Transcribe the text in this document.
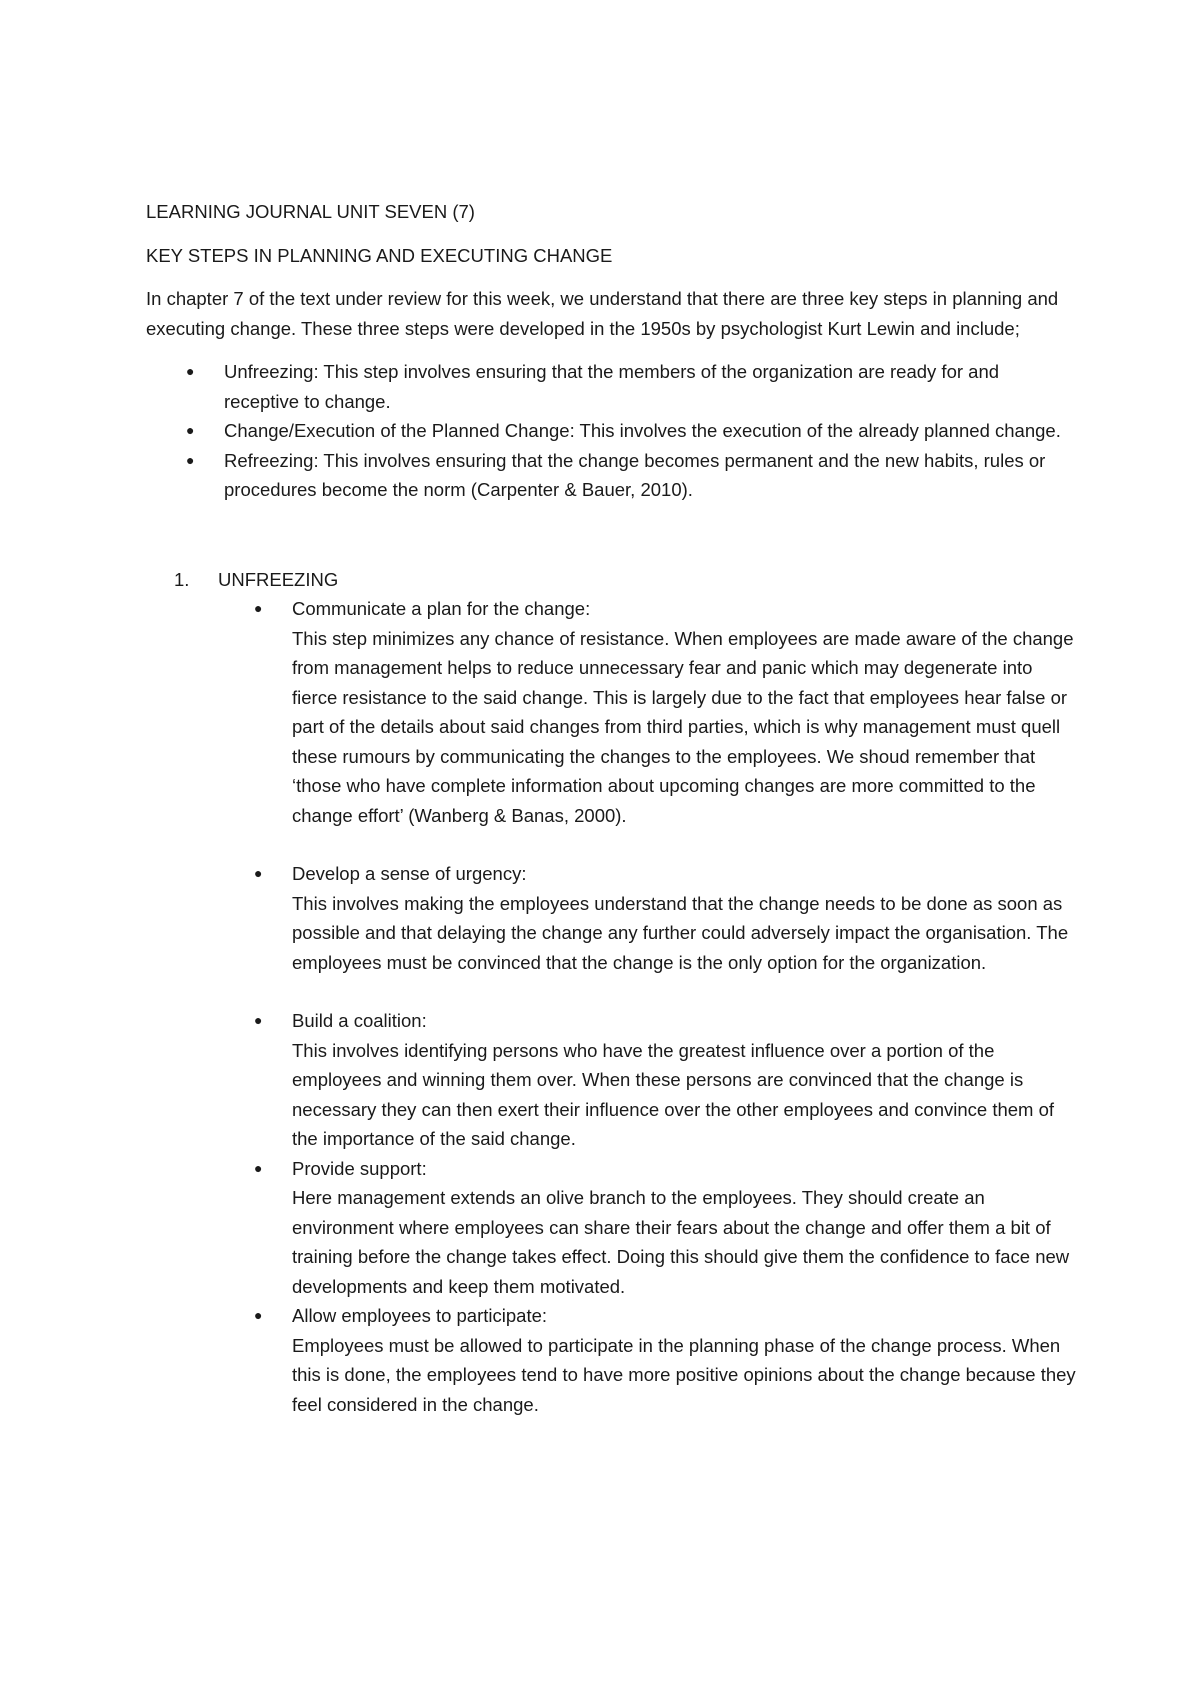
LEARNING JOURNAL UNIT SEVEN (7)

KEY STEPS IN PLANNING AND EXECUTING CHANGE

In chapter 7 of the text under review for this week, we understand that there are three key steps in planning and executing change. These three steps were developed in the 1950s by psychologist Kurt Lewin and include;

● Unfreezing: This step involves ensuring that the members of the organization are ready for and receptive to change.
● Change/Execution of the Planned Change: This involves the execution of the already planned change.
● Refreezing: This involves ensuring that the change becomes permanent and the new habits, rules or procedures become the norm (Carpenter & Bauer, 2010).
1. UNFREEZING
● Communicate a plan for the change:
This step minimizes any chance of resistance. When employees are made aware of the change from management helps to reduce unnecessary fear and panic which may degenerate into fierce resistance to the said change. This is largely due to the fact that employees hear false or part of the details about said changes from third parties, which is why management must quell these rumours by communicating the changes to the employees. We shoud remember that ‘those who have complete information about upcoming changes are more committed to the change effort’ (Wanberg & Banas, 2000).
● Develop a sense of urgency:
This involves making the employees understand that the change needs to be done as soon as possible and that delaying the change any further could adversely impact the organisation. The employees must be convinced that the change is the only option for the organization.
● Build a coalition:
This involves identifying persons who have the greatest influence over a portion of the employees and winning them over. When these persons are convinced that the change is necessary they can then exert their influence over the other employees and convince them of the importance of the said change.
● Provide support:
Here management extends an olive branch to the employees. They should create an environment where employees can share their fears about the change and offer them a bit of training before the change takes effect. Doing this should give them the confidence to face new developments and keep them motivated.
● Allow employees to participate:
Employees must be allowed to participate in the planning phase of the change process. When this is done, the employees tend to have more positive opinions about the change because they feel considered in the change.
